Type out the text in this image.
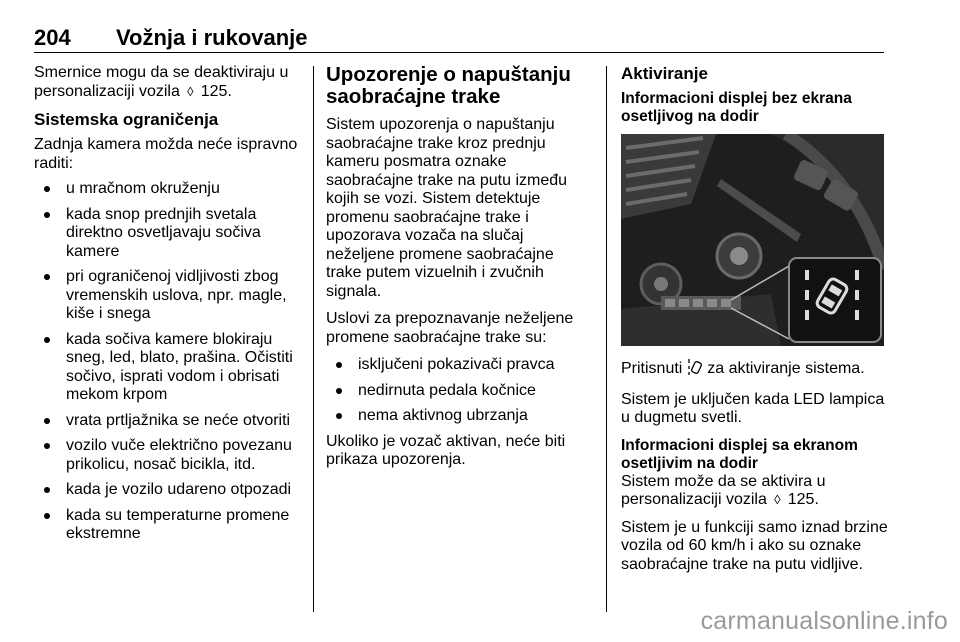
204 Vožnja i rukovanje

Smernice mogu da se deaktiviraju u personalizaciji vozila ◊ 125.

Sistemska ograničenja

Zadnja kamera možda neće ispravno raditi:

u mračnom okruženju
kada snop prednjih svetala direktno osvetljavaju sočiva kamere
pri ograničenoj vidljivosti zbog vremenskih uslova, npr. magle, kiše i snega
kada sočiva kamere blokiraju sneg, led, blato, prašina. Očistiti sočivo, isprati vodom i obrisati mekom krpom
vrata prtljažnika se neće otvoriti
vozilo vuče električno povezanu prikolicu, nosač bicikla, itd.
kada je vozilo udareno otpozadi
kada su temperaturne promene ekstremne
Upozorenje o napuštanju saobraćajne trake

Sistem upozorenja o napuštanju saobraćajne trake kroz prednju kameru posmatra oznake saobraćajne trake na putu između kojih se vozi. Sistem detektuje promenu saobraćajne trake i upozorava vozača na slučaj neželjene promene saobraćajne trake putem vizuelnih i zvučnih signala.

Uslovi za prepoznavanje neželjene promene saobraćajne trake su:

isključeni pokazivači pravca
nedirnuta pedala kočnice
nema aktivnog ubrzanja

Ukoliko je vozač aktivan, neće biti prikaza upozorenja.

Aktiviranje
Informacioni displej bez ekrana osetljivog na dodir

Pritisnuti  za aktiviranje sistema.

Sistem je uključen kada LED lampica u dugmetu svetli.

Informacioni displej sa ekranom osetljivim na dodir

Sistem može da se aktivira u personalizaciji vozila ◊ 125.

Sistem je u funkciji samo iznad brzine vozila od 60 km/h i ako su oznake saobraćajne trake na putu vidljive.

carmanualsonline.info
